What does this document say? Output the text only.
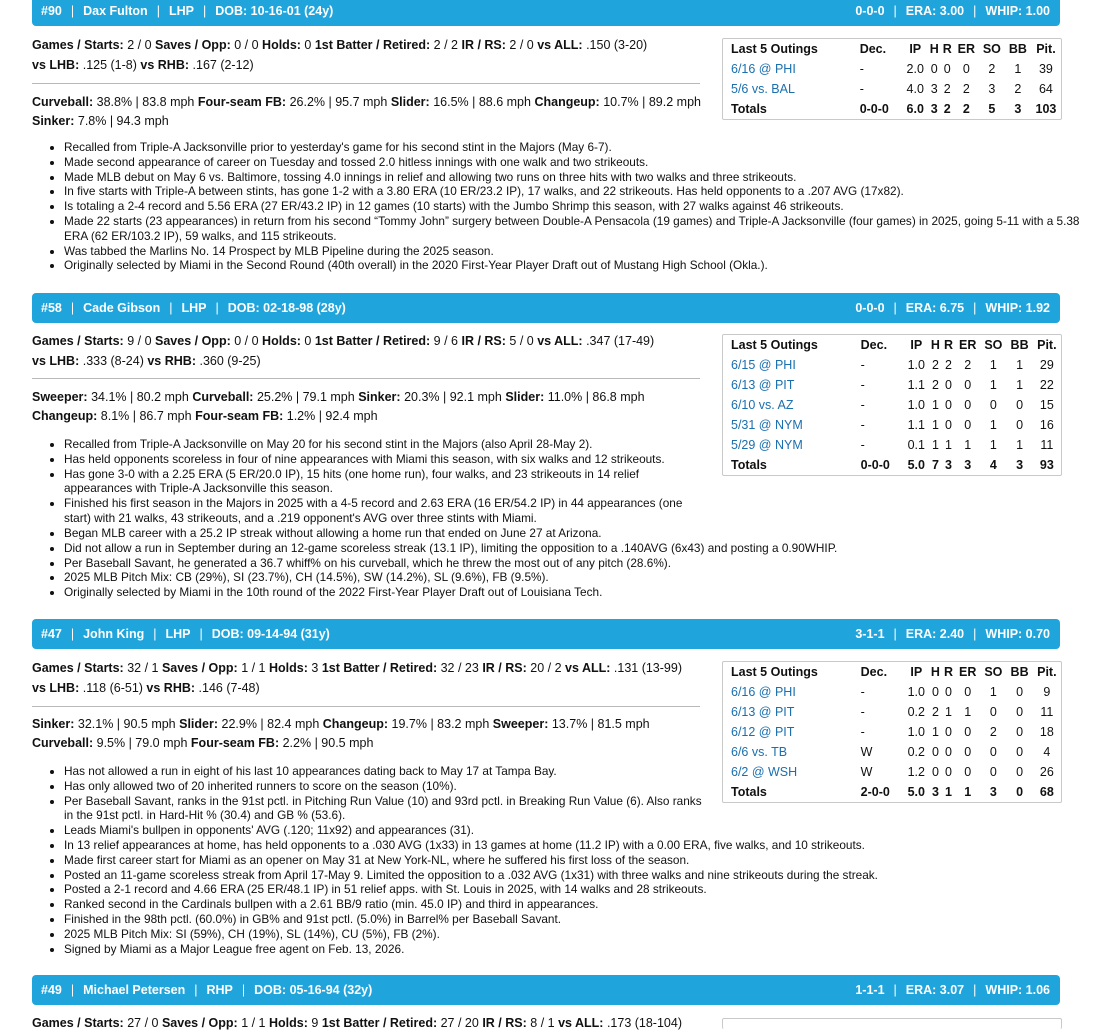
#90 | Dax Fulton | LHP | DOB: 10-16-01 (24y)	0-0-0 | ERA: 3.00 | WHIP: 1.00
Games / Starts: 2 / 0 Saves / Opp: 0 / 0 Holds: 0 1st Batter / Retired: 2 / 2 IR / RS: 2 / 0 vs ALL: .150 (3-20)
vs LHB: .125 (1-8) vs RHB: .167 (2-12)
Curveball: 38.8% | 83.8 mph Four-seam FB: 26.2% | 95.7 mph Slider: 16.5% | 88.6 mph Changeup: 10.7% | 89.2 mph
Sinker: 7.8% | 94.3 mph
Last 5 Outings	Dec.	IP	H	R	ER	SO	BB	Pit.
6/16 @ PHI	-	2.0	0	0	0	2	1	39
5/6 vs. BAL	-	4.0	3	2	2	3	2	64
Totals	0-0-0	6.0	3	2	2	5	3	103
• Recalled from Triple-A Jacksonville prior to yesterday's game for his second stint in the Majors (May 6-7).
• Made second appearance of career on Tuesday and tossed 2.0 hitless innings with one walk and two strikeouts.
• Made MLB debut on May 6 vs. Baltimore, tossing 4.0 innings in relief and allowing two runs on three hits with two walks and three strikeouts.
• In five starts with Triple-A between stints, has gone 1-2 with a 3.80 ERA (10 ER/23.2 IP), 17 walks, and 22 strikeouts. Has held opponents to a .207 AVG (17x82).
• Is totaling a 2-4 record and 5.56 ERA (27 ER/43.2 IP) in 12 games (10 starts) with the Jumbo Shrimp this season, with 27 walks against 46 strikeouts.
• Made 22 starts (23 appearances) in return from his second “Tommy John” surgery between Double-A Pensacola (19 games) and Triple-A Jacksonville (four games) in 2025, going 5-11 with a 5.38 ERA (62 ER/103.2 IP), 59 walks, and 115 strikeouts.
• Was tabbed the Marlins No. 14 Prospect by MLB Pipeline during the 2025 season.
• Originally selected by Miami in the Second Round (40th overall) in the 2020 First-Year Player Draft out of Mustang High School (Okla.).
#58 | Cade Gibson | LHP | DOB: 02-18-98 (28y)	0-0-0 | ERA: 6.75 | WHIP: 1.92
Games / Starts: 9 / 0 Saves / Opp: 0 / 0 Holds: 0 1st Batter / Retired: 9 / 6 IR / RS: 5 / 0 vs ALL: .347 (17-49)
vs LHB: .333 (8-24) vs RHB: .360 (9-25)
Sweeper: 34.1% | 80.2 mph Curveball: 25.2% | 79.1 mph Sinker: 20.3% | 92.1 mph Slider: 11.0% | 86.8 mph
Changeup: 8.1% | 86.7 mph Four-seam FB: 1.2% | 92.4 mph
Last 5 Outings	Dec.	IP	H	R	ER	SO	BB	Pit.
6/15 @ PHI	-	1.0	2	2	2	1	1	29
6/13 @ PIT	-	1.1	2	0	0	1	1	22
6/10 vs. AZ	-	1.0	1	0	0	0	0	15
5/31 @ NYM	-	1.1	1	0	0	1	0	16
5/29 @ NYM	-	0.1	1	1	1	1	1	11
Totals	0-0-0	5.0	7	3	3	4	3	93
• Recalled from Triple-A Jacksonville on May 20 for his second stint in the Majors (also April 28-May 2).
• Has held opponents scoreless in four of nine appearances with Miami this season, with six walks and 12 strikeouts.
• Has gone 3-0 with a 2.25 ERA (5 ER/20.0 IP), 15 hits (one home run), four walks, and 23 strikeouts in 14 relief appearances with Triple-A Jacksonville this season.
• Finished his first season in the Majors in 2025 with a 4-5 record and 2.63 ERA (16 ER/54.2 IP) in 44 appearances (one start) with 21 walks, 43 strikeouts, and a .219 opponent's AVG over three stints with Miami.
• Began MLB career with a 25.2 IP streak without allowing a home run that ended on June 27 at Arizona.
• Did not allow a run in September during an 12-game scoreless streak (13.1 IP), limiting the opposition to a .140AVG (6x43) and posting a 0.90WHIP.
• Per Baseball Savant, he generated a 36.7 whiff% on his curveball, which he threw the most out of any pitch (28.6%).
• 2025 MLB Pitch Mix: CB (29%), SI (23.7%), CH (14.5%), SW (14.2%), SL (9.6%), FB (9.5%).
• Originally selected by Miami in the 10th round of the 2022 First-Year Player Draft out of Louisiana Tech.
#47 | John King | LHP | DOB: 09-14-94 (31y)	3-1-1 | ERA: 2.40 | WHIP: 0.70
Games / Starts: 32 / 1 Saves / Opp: 1 / 1 Holds: 3 1st Batter / Retired: 32 / 23 IR / RS: 20 / 2 vs ALL: .131 (13-99)
vs LHB: .118 (6-51) vs RHB: .146 (7-48)
Sinker: 32.1% | 90.5 mph Slider: 22.9% | 82.4 mph Changeup: 19.7% | 83.2 mph Sweeper: 13.7% | 81.5 mph
Curveball: 9.5% | 79.0 mph Four-seam FB: 2.2% | 90.5 mph
Last 5 Outings	Dec.	IP	H	R	ER	SO	BB	Pit.
6/16 @ PHI	-	1.0	0	0	0	1	0	9
6/13 @ PIT	-	0.2	2	1	1	0	0	11
6/12 @ PIT	-	1.0	1	0	0	2	0	18
6/6 vs. TB	W	0.2	0	0	0	0	0	4
6/2 @ WSH	W	1.2	0	0	0	0	0	26
Totals	2-0-0	5.0	3	1	1	3	0	68
• Has not allowed a run in eight of his last 10 appearances dating back to May 17 at Tampa Bay.
• Has only allowed two of 20 inherited runners to score on the season (10%).
• Per Baseball Savant, ranks in the 91st pctl. in Pitching Run Value (10) and 93rd pctl. in Breaking Run Value (6). Also ranks in the 91st pctl. in Hard-Hit % (30.4) and GB % (53.6).
• Leads Miami's bullpen in opponents' AVG (.120; 11x92) and appearances (31).
• In 13 relief appearances at home, has held opponents to a .030 AVG (1x33) in 13 games at home (11.2 IP) with a 0.00 ERA, five walks, and 10 strikeouts.
• Made first career start for Miami as an opener on May 31 at New York-NL, where he suffered his first loss of the season.
• Posted an 11-game scoreless streak from April 17-May 9. Limited the opposition to a .032 AVG (1x31) with three walks and nine strikeouts during the streak.
• Posted a 2-1 record and 4.66 ERA (25 ER/48.1 IP) in 51 relief apps. with St. Louis in 2025, with 14 walks and 28 strikeouts.
• Ranked second in the Cardinals bullpen with a 2.61 BB/9 ratio (min. 45.0 IP) and third in appearances.
• Finished in the 98th pctl. (60.0%) in GB% and 91st pctl. (5.0%) in Barrel% per Baseball Savant.
• 2025 MLB Pitch Mix: SI (59%), CH (19%), SL (14%), CU (5%), FB (2%).
• Signed by Miami as a Major League free agent on Feb. 13, 2026.
#49 | Michael Petersen | RHP | DOB: 05-16-94 (32y)	1-1-1 | ERA: 3.07 | WHIP: 1.06
Games / Starts: 27 / 0 Saves / Opp: 1 / 1 Holds: 9 1st Batter / Retired: 27 / 20 IR / RS: 8 / 1 vs ALL: .173 (18-104)
